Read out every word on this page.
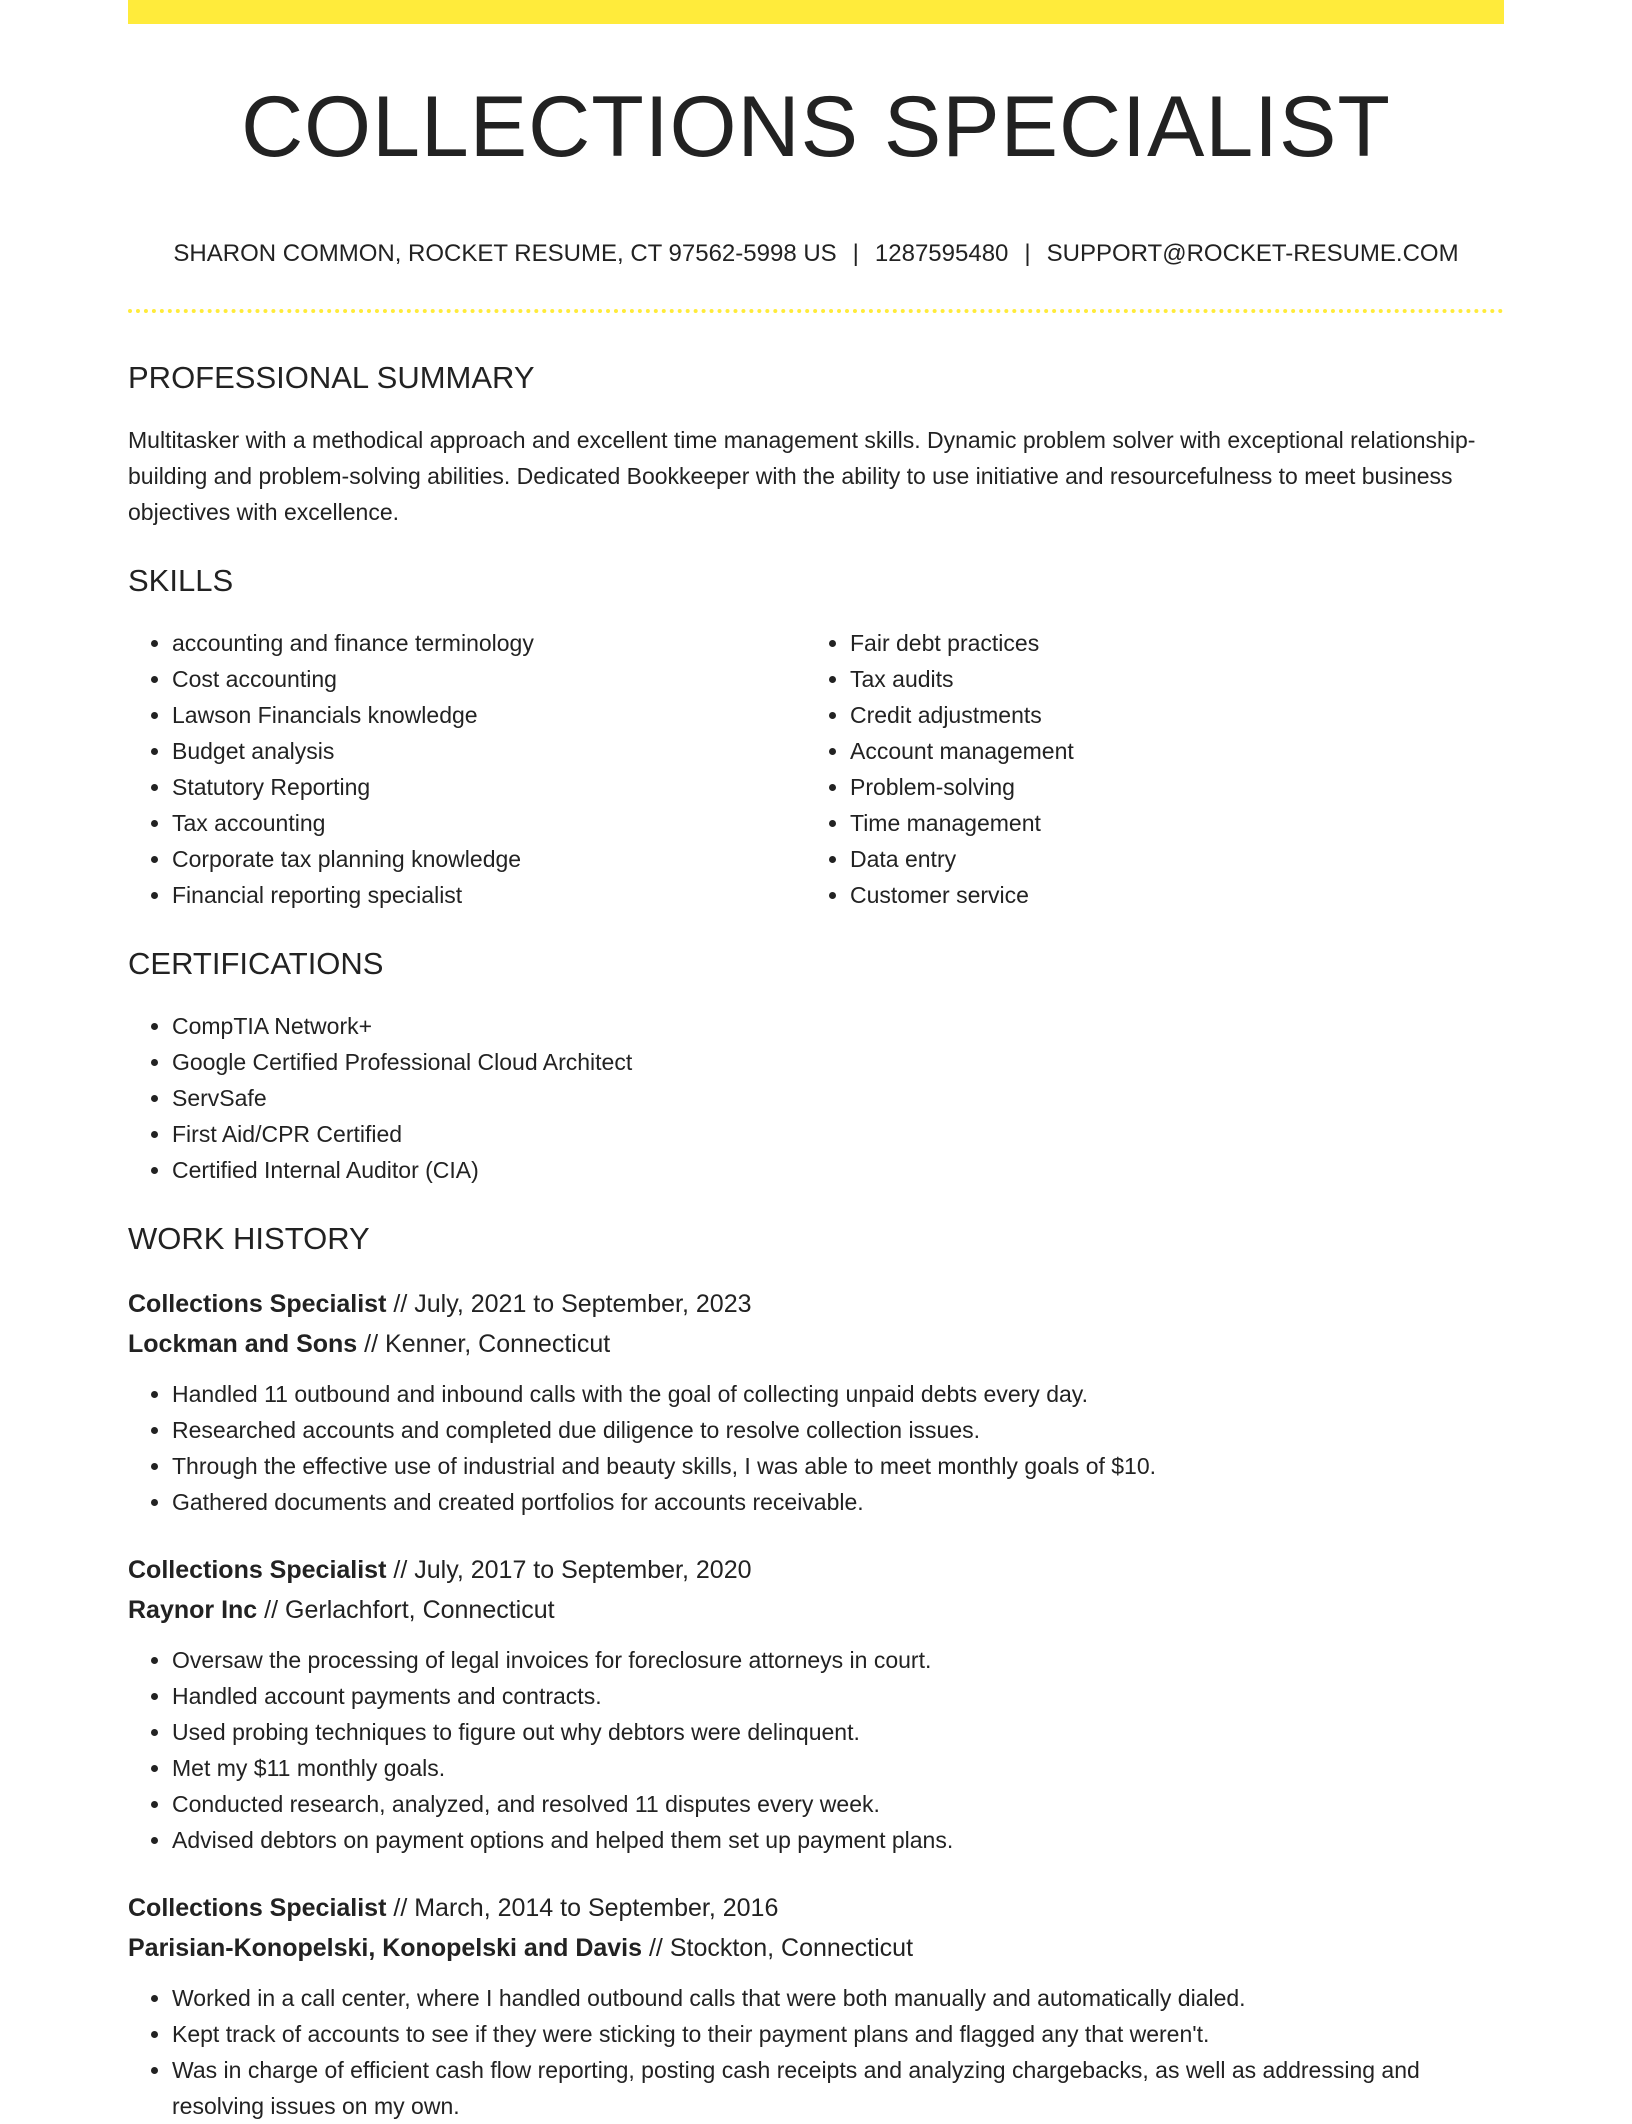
COLLECTIONS SPECIALIST
SHARON COMMON, ROCKET RESUME, CT 97562-5998 US | 1287595480 | SUPPORT@ROCKET-RESUME.COM
PROFESSIONAL SUMMARY
Multitasker with a methodical approach and excellent time management skills. Dynamic problem solver with exceptional relationship-building and problem-solving abilities. Dedicated Bookkeeper with the ability to use initiative and resourcefulness to meet business objectives with excellence.
SKILLS
• accounting and finance terminology
• Cost accounting
• Lawson Financials knowledge
• Budget analysis
• Statutory Reporting
• Tax accounting
• Corporate tax planning knowledge
• Financial reporting specialist
• Fair debt practices
• Tax audits
• Credit adjustments
• Account management
• Problem-solving
• Time management
• Data entry
• Customer service
CERTIFICATIONS
• CompTIA Network+
• Google Certified Professional Cloud Architect
• ServSafe
• First Aid/CPR Certified
• Certified Internal Auditor (CIA)
WORK HISTORY
Collections Specialist // July, 2021 to September, 2023
Lockman and Sons // Kenner, Connecticut
• Handled 11 outbound and inbound calls with the goal of collecting unpaid debts every day.
• Researched accounts and completed due diligence to resolve collection issues.
• Through the effective use of industrial and beauty skills, I was able to meet monthly goals of $10.
• Gathered documents and created portfolios for accounts receivable.
Collections Specialist // July, 2017 to September, 2020
Raynor Inc // Gerlachfort, Connecticut
• Oversaw the processing of legal invoices for foreclosure attorneys in court.
• Handled account payments and contracts.
• Used probing techniques to figure out why debtors were delinquent.
• Met my $11 monthly goals.
• Conducted research, analyzed, and resolved 11 disputes every week.
• Advised debtors on payment options and helped them set up payment plans.
Collections Specialist // March, 2014 to September, 2016
Parisian-Konopelski, Konopelski and Davis // Stockton, Connecticut
• Worked in a call center, where I handled outbound calls that were both manually and automatically dialed.
• Kept track of accounts to see if they were sticking to their payment plans and flagged any that weren't.
• Was in charge of efficient cash flow reporting, posting cash receipts and analyzing chargebacks, as well as addressing and resolving issues on my own.
